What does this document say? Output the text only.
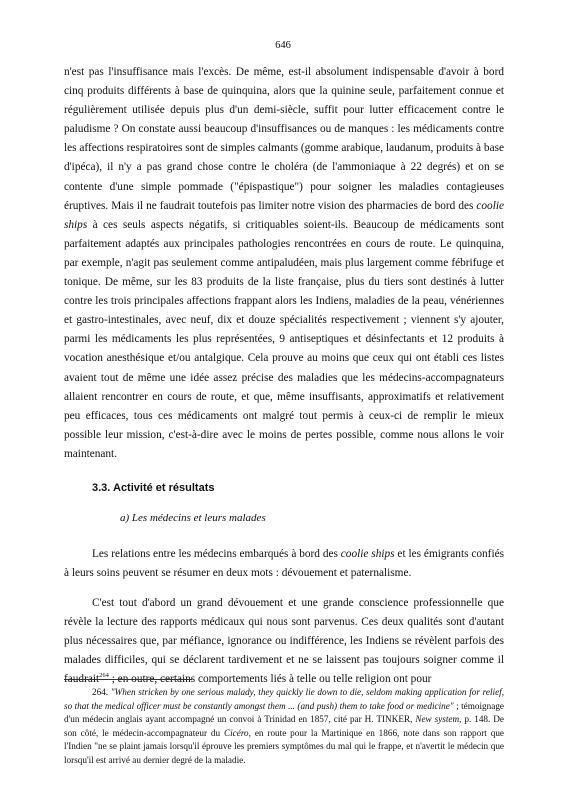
646

n'est pas l'insuffisance mais l'excès. De même, est-il absolument indispensable d'avoir à bord cinq produits différents à base de quinquina, alors que la quinine seule, parfaitement connue et régulièrement utilisée depuis plus d'un demi-siècle, suffit pour lutter efficacement contre le paludisme ? On constate aussi beaucoup d'insuffisances ou de manques : les médicaments contre les affections respiratoires sont de simples calmants (gomme arabique, laudanum, produits à base d'ipéca), il n'y a pas grand chose contre le choléra (de l'ammoniaque à 22 degrés) et on se contente d'une simple pommade ("épispastique") pour soigner les maladies contagieuses éruptives. Mais il ne faudrait toutefois pas limiter notre vision des pharmacies de bord des coolie ships à ces seuls aspects négatifs, si critiquables soient-ils. Beaucoup de médicaments sont parfaitement adaptés aux principales pathologies rencontrées en cours de route. Le quinquina, par exemple, n'agit pas seulement comme antipaludéen, mais plus largement comme fébrifuge et tonique. De même, sur les 83 produits de la liste française, plus du tiers sont destinés à lutter contre les trois principales affections frappant alors les Indiens, maladies de la peau, vénériennes et gastro-intestinales, avec neuf, dix et douze spécialités respectivement ; viennent s'y ajouter, parmi les médicaments les plus représentées, 9 antiseptiques et désinfectants et 12 produits à vocation anesthésique et/ou antalgique. Cela prouve au moins que ceux qui ont établi ces listes avaient tout de même une idée assez précise des maladies que les médecins-accompagnateurs allaient rencontrer en cours de route, et que, même insuffisants, approximatifs et relativement peu efficaces, tous ces médicaments ont malgré tout permis à ceux-ci de remplir le mieux possible leur mission, c'est-à-dire avec le moins de pertes possible, comme nous allons le voir maintenant.

3.3. Activité et résultats
a) Les médecins et leurs malades

Les relations entre les médecins embarqués à bord des coolie ships et les émigrants confiés à leurs soins peuvent se résumer en deux mots : dévouement et paternalisme.

C'est tout d'abord un grand dévouement et une grande conscience professionnelle que révèle la lecture des rapports médicaux qui nous sont parvenus. Ces deux qualités sont d'autant plus nécessaires que, par méfiance, ignorance ou indifférence, les Indiens se révèlent parfois des malades difficiles, qui se déclarent tardivement et ne se laissent pas toujours soigner comme il faudrait$^{264}$ ; en outre, certains comportements liés à telle ou telle religion ont pour

264. "When stricken by one serious malady, they quickly lie down to die, seldom making application for relief, so that the medical officer must be constantly amongst them ... (and push) them to take food or medicine" ; témoignage d'un médecin anglais ayant accompagné un convoi à Trinidad en 1857, cité par H. TINKER, New system, p. 148. De son côté, le médecin-accompagnateur du Cicéro, en route pour la Martinique en 1866, note dans son rapport que l'Indien "ne se plaint jamais lorsqu'il éprouve les premiers symptômes du mal qui le frappe, et n'avertit le médecin que lorsqu'il est arrivé au dernier degré de la maladie.
